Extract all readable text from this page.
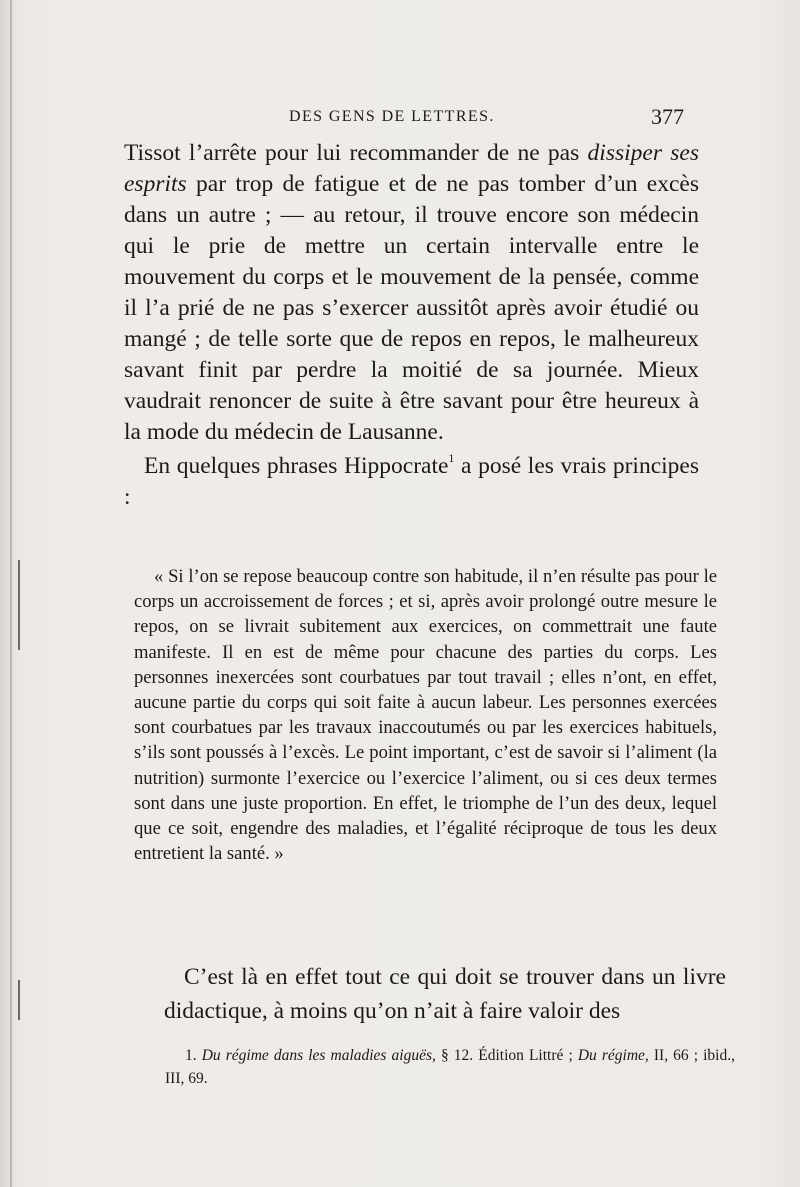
DES GENS DE LETTRES.	377

Tissot l’arrête pour lui recommander de ne pas dissiper ses esprits par trop de fatigue et de ne pas tomber d’un excès dans un autre ; — au retour, il trouve encore son médecin qui le prie de mettre un certain intervalle entre le mouvement du corps et le mouvement de la pensée, comme il l’a prié de ne pas s’exercer aussitôt après avoir étudié ou mangé ; de telle sorte que de repos en repos, le malheureux savant finit par perdre la moitié de sa journée. Mieux vaudrait renoncer de suite à être savant pour être heureux à la mode du médecin de Lausanne.

En quelques phrases Hippocrate$^1$ a posé les vrais principes :

« Si l’on se repose beaucoup contre son habitude, il n’en résulte pas pour le corps un accroissement de forces ; et si, après avoir prolongé outre mesure le repos, on se livrait subitement aux exercices, on commettrait une faute manifeste. Il en est de même pour chacune des parties du corps. Les personnes inexercées sont courbatues par tout travail ; elles n’ont, en effet, aucune partie du corps qui soit faite à aucun labeur. Les personnes exercées sont courbatues par les travaux inaccoutumés ou par les exercices habituels, s’ils sont poussés à l’excès. Le point important, c’est de savoir si l’aliment (la nutrition) surmonte l’exercice ou l’exercice l’aliment, ou si ces deux termes sont dans une juste proportion. En effet, le triomphe de l’un des deux, lequel que ce soit, engendre des maladies, et l’égalité réciproque de tous les deux entretient la santé. »

C’est là en effet tout ce qui doit se trouver dans un livre didactique, à moins qu’on n’ait à faire valoir des

1. Du régime dans les maladies aiguës, § 12. Édition Littré ; Du régime, II, 66 ; ibid., III, 69.
